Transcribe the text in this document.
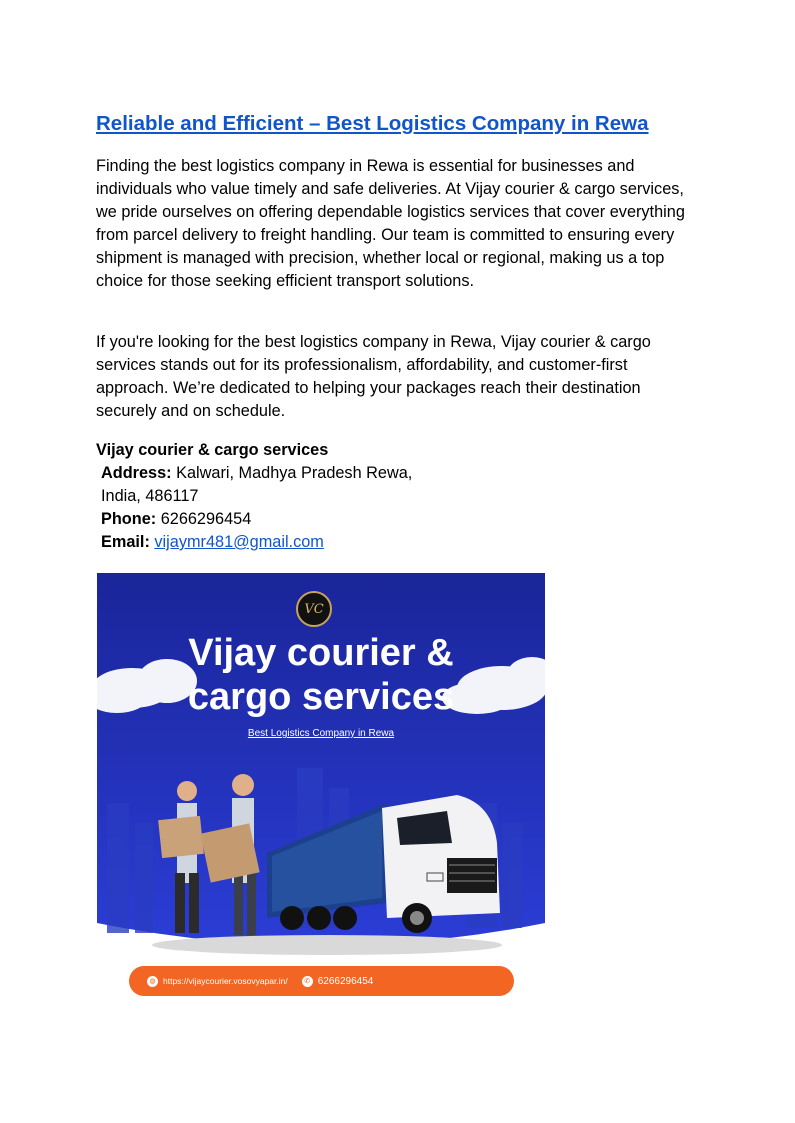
Reliable and Efficient – Best Logistics Company in Rewa

Finding the best logistics company in Rewa is essential for businesses and individuals who value timely and safe deliveries. At Vijay courier & cargo services, we pride ourselves on offering dependable logistics services that cover everything from parcel delivery to freight handling. Our team is committed to ensuring every shipment is managed with precision, whether local or regional, making us a top choice for those seeking efficient transport solutions.

If you're looking for the best logistics company in Rewa, Vijay courier & cargo services stands out for its professionalism, affordability, and customer-first approach. We’re dedicated to helping your packages reach their destination securely and on schedule.

Vijay courier & cargo services
Address: Kalwari, Madhya Pradesh Rewa,
India, 486117
Phone: 6266296454
Email: vijaymr481@gmail.com
VC
Vijay courier &
cargo services
Best Logistics Company in Rewa
◍ https://vijaycourier.vosovyapar.in/	✆ 6266296454
